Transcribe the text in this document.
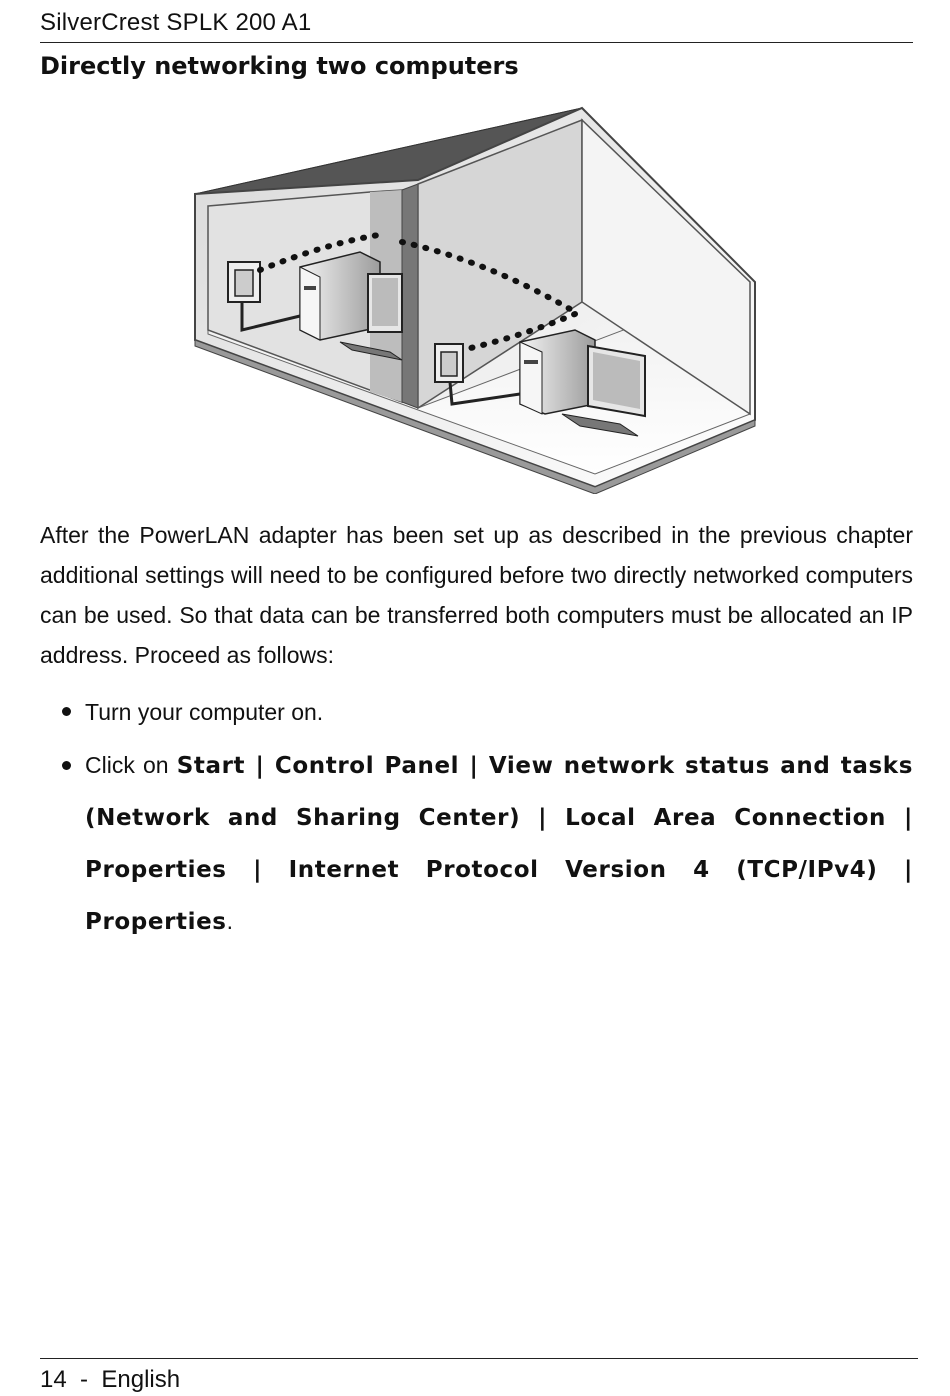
SilverCrest SPLK 200 A1
Directly networking two computers
After the PowerLAN adapter has been set up as described in the previous chapter additional settings will need to be configured before two directly networked computers can be used. So that data can be transferred both computers must be allocated an IP address. Proceed as follows:
Turn your computer on.
Click on Start | Control Panel | View network status and tasks (Network and Sharing Center) | Local Area Connection | Properties | Internet Protocol Version 4 (TCP/IPv4) | Properties.
14  -  English
